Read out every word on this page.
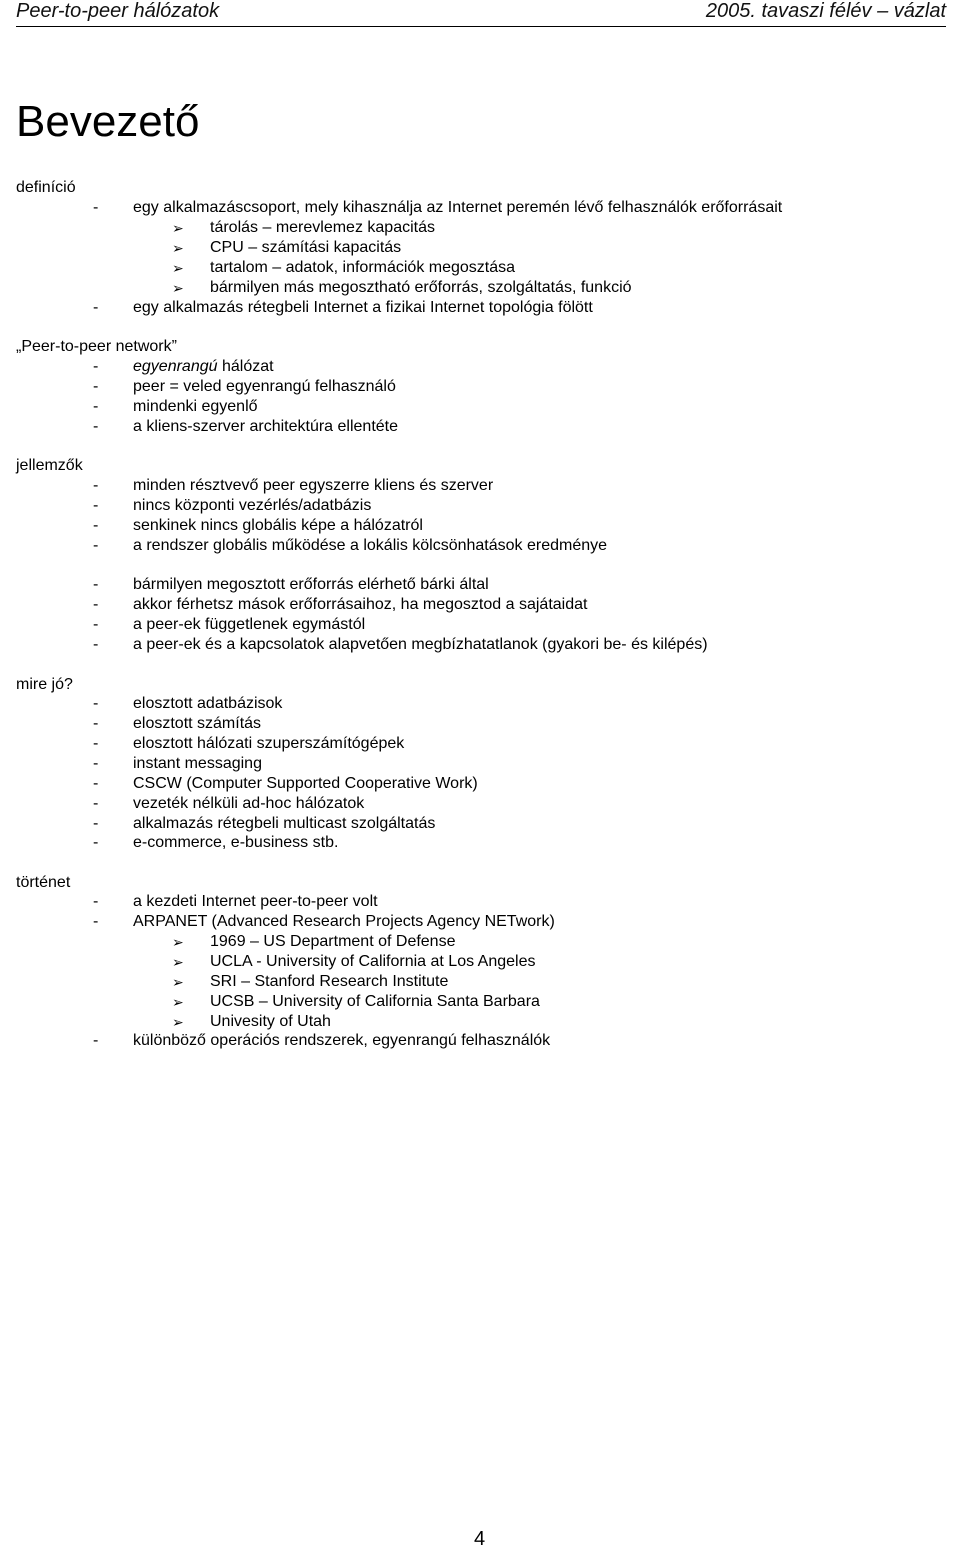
Peer-to-peer hálózatok	2005. tavaszi félév – vázlat
Bevezető
definíció
- egy alkalmazáscsoport, mely kihasználja az Internet peremén lévő felhasználók erőforrásait
➢ tárolás – merevlemez kapacitás
➢ CPU – számítási kapacitás
➢ tartalom – adatok, információk megosztása
➢ bármilyen más megosztható erőforrás, szolgáltatás, funkció
- egy alkalmazás rétegbeli Internet a fizikai Internet topológia fölött
„Peer-to-peer network”
- egyenrangú hálózat
- peer = veled egyenrangú felhasználó
- mindenki egyenlő
- a kliens-szerver architektúra ellentéte
jellemzők
- minden résztvevő peer egyszerre kliens és szerver
- nincs központi vezérlés/adatbázis
- senkinek nincs globális képe a hálózatról
- a rendszer globális működése a lokális kölcsönhatások eredménye
- bármilyen megosztott erőforrás elérhető bárki által
- akkor férhetsz mások erőforrásaihoz, ha megosztod a sajátaidat
- a peer-ek függetlenek egymástól
- a peer-ek és a kapcsolatok alapvetően megbízhatatlanok (gyakori be- és kilépés)
mire jó?
- elosztott adatbázisok
- elosztott számítás
- elosztott hálózati szuperszámítógépek
- instant messaging
- CSCW (Computer Supported Cooperative Work)
- vezeték nélküli ad-hoc hálózatok
- alkalmazás rétegbeli multicast szolgáltatás
- e-commerce, e-business stb.
történet
- a kezdeti Internet peer-to-peer volt
- ARPANET (Advanced Research Projects Agency NETwork)
➢ 1969 – US Department of Defense
➢ UCLA - University of California at Los Angeles
➢ SRI – Stanford Research Institute
➢ UCSB – University of California Santa Barbara
➢ Univesity of Utah
- különböző operációs rendszerek, egyenrangú felhasználók
4
